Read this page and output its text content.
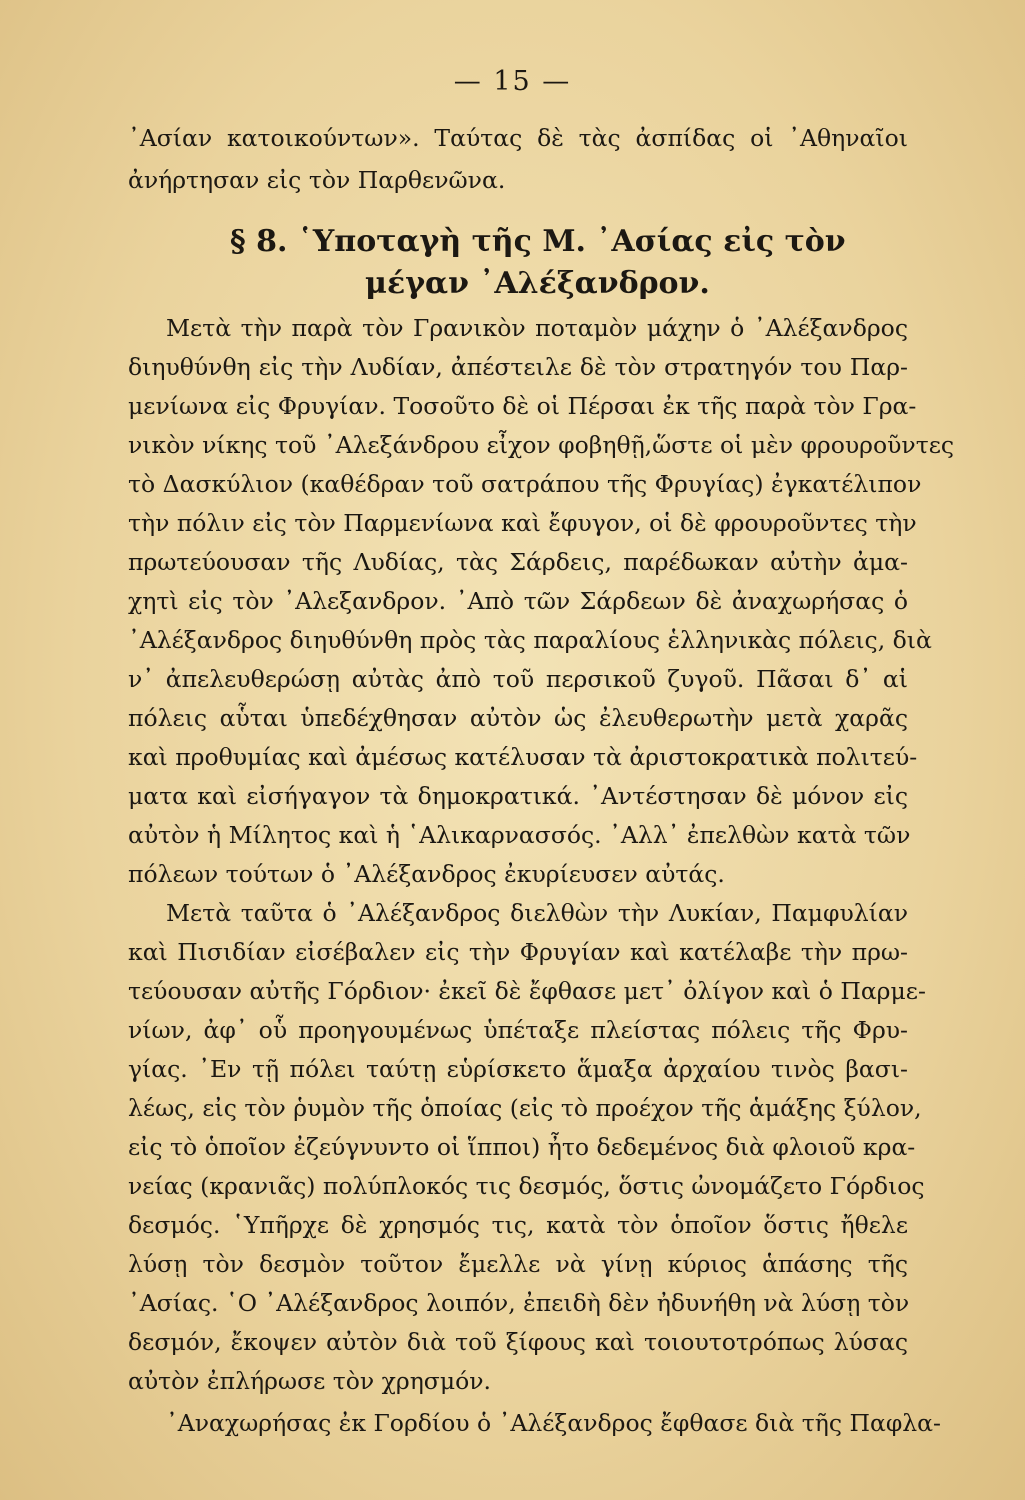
— 15 —
᾽Ασίαν κατοικούντων». Ταύτας δὲ τὰς ἀσπίδας οἱ ᾽Αθηναῖοι
ἀνήρτησαν εἰς τὸν Παρθενῶνα.
§ 8. ῾Υποταγὴ τῆς Μ. ᾽Ασίας εἰς τὸν
μέγαν ᾽Αλέξανδρον.
Μετὰ τὴν παρὰ τὸν Γρανικὸν ποταμὸν μάχην ὁ ᾽Αλέξανδρος
διηυθύνθη εἰς τὴν Λυδίαν, ἀπέστειλε δὲ τὸν στρατηγόν του Παρ-
μενίωνα εἰς Φρυγίαν. Τοσοῦτο δὲ οἱ Πέρσαι ἐκ τῆς παρὰ τὸν Γρα-
νικὸν νίκης τοῦ ᾽Αλεξάνδρου εἶχον φοβηθῇ,ὥστε οἱ μὲν φρουροῦντες
τὸ Δασκύλιον (καθέδραν τοῦ σατράπου τῆς Φρυγίας) ἐγκατέλιπον
τὴν πόλιν εἰς τὸν Παρμενίωνα καὶ ἔφυγον, οἱ δὲ φρουροῦντες τὴν
πρωτεύουσαν τῆς Λυδίας, τὰς Σάρδεις, παρέδωκαν αὐτὴν ἀμα-
χητὶ εἰς τὸν ᾽Αλεξανδρον. ᾽Απὸ τῶν Σάρδεων δὲ ἀναχωρήσας ὁ
᾽Αλέξανδρος διηυθύνθη πρὸς τὰς παραλίους ἑλληνικὰς πόλεις, διὰ
ν᾽ ἀπελευθερώσῃ αὐτὰς ἀπὸ τοῦ περσικοῦ ζυγοῦ. Πᾶσαι δ᾽ αἱ
πόλεις αὗται ὑπεδέχθησαν αὐτὸν ὡς ἐλευθερωτὴν μετὰ χαρᾶς
καὶ προθυμίας καὶ ἀμέσως κατέλυσαν τὰ ἀριστοκρατικὰ πολιτεύ-
ματα καὶ εἰσήγαγον τὰ δημοκρατικά. ᾽Αντέστησαν δὲ μόνον εἰς
αὐτὸν ἡ Μίλητος καὶ ἡ ῾Αλικαρνασσός. ᾽Αλλ᾽ ἐπελθὼν κατὰ τῶν
πόλεων τούτων ὁ ᾽Αλέξανδρος ἐκυρίευσεν αὐτάς.
Μετὰ ταῦτα ὁ ᾽Αλέξανδρος διελθὼν τὴν Λυκίαν, Παμφυλίαν
καὶ Πισιδίαν εἰσέβαλεν εἰς τὴν Φρυγίαν καὶ κατέλαβε τὴν πρω-
τεύουσαν αὐτῆς Γόρδιον· ἐκεῖ δὲ ἔφθασε μετ᾽ ὀλίγον καὶ ὁ Παρμε-
νίων, ἀφ᾽ οὗ προηγουμένως ὑπέταξε πλείστας πόλεις τῆς Φρυ-
γίας. ᾽Εν τῇ πόλει ταύτῃ εὑρίσκετο ἅμαξα ἀρχαίου τινὸς βασι-
λέως, εἰς τὸν ῥυμὸν τῆς ὁποίας (εἰς τὸ προέχον τῆς ἁμάξης ξύλον,
εἰς τὸ ὁποῖον ἐζεύγνυντο οἱ ἵπποι) ἦτο δεδεμένος διὰ φλοιοῦ κρα-
νείας (κρανιᾶς) πολύπλοκός τις δεσμός, ὅστις ὠνομάζετο Γόρδιος
δεσμός. ῾Υπῆρχε δὲ χρησμός τις, κατὰ τὸν ὁποῖον ὅστις ἤθελε
λύσῃ τὸν δεσμὸν τοῦτον ἔμελλε νὰ γίνῃ κύριος ἁπάσης τῆς
᾽Ασίας. ῾Ο ᾽Αλέξανδρος λοιπόν, ἐπειδὴ δὲν ἠδυνήθη νὰ λύσῃ τὸν
δεσμόν, ἔκοψεν αὐτὸν διὰ τοῦ ξίφους καὶ τοιουτοτρόπως λύσας
αὐτὸν ἐπλήρωσε τὸν χρησμόν.
᾽Αναχωρήσας ἐκ Γορδίου ὁ ᾽Αλέξανδρος ἔφθασε διὰ τῆς Παφλα-
